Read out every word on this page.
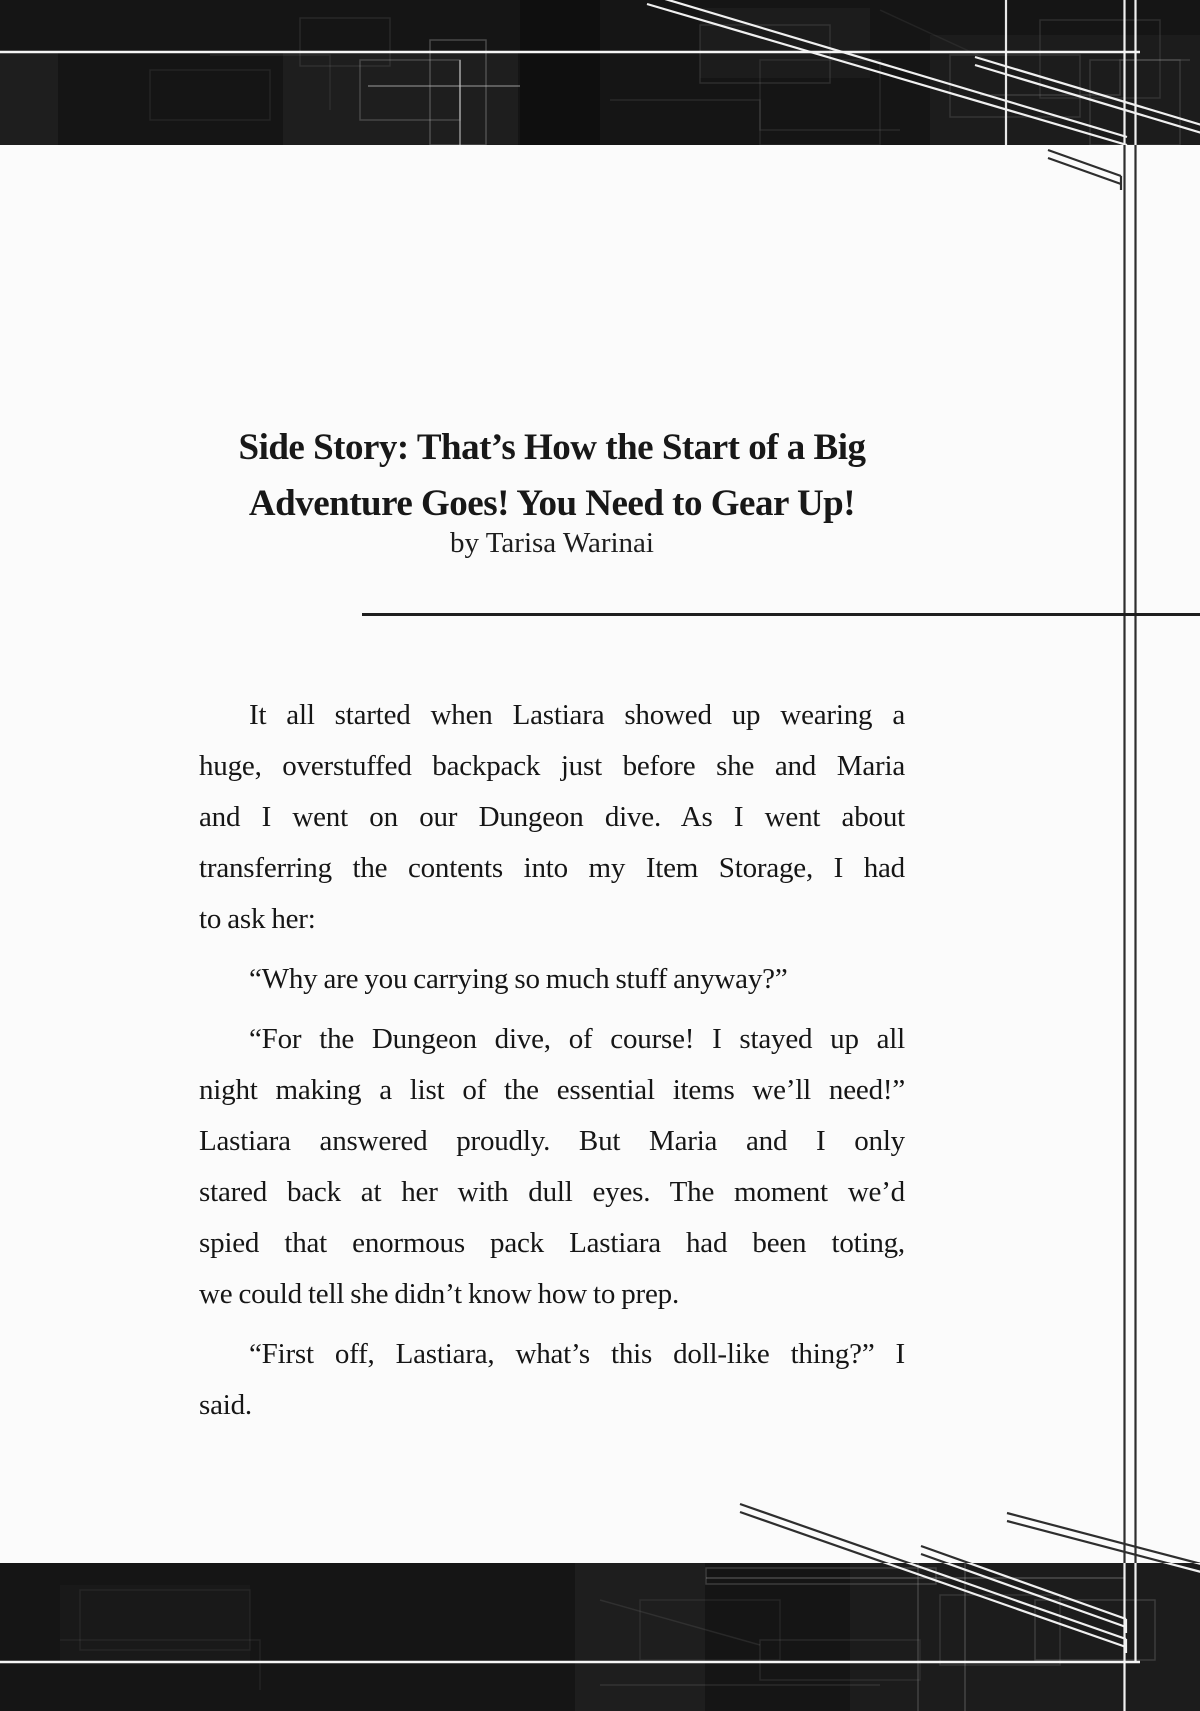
Side Story: That’s How the Start of a Big
Adventure Goes! You Need to Gear Up!
by Tarisa Warinai

It all started when Lastiara showed up wearing a
huge, overstuffed backpack just before she and Maria
and I went on our Dungeon dive. As I went about
transferring the contents into my Item Storage, I had
to ask her:

“Why are you carrying so much stuff anyway?”

“For the Dungeon dive, of course! I stayed up all
night making a list of the essential items we’ll need!”
Lastiara answered proudly. But Maria and I only
stared back at her with dull eyes. The moment we’d
spied that enormous pack Lastiara had been toting,
we could tell she didn’t know how to prep.

“First off, Lastiara, what’s this doll-like thing?” I
said.
